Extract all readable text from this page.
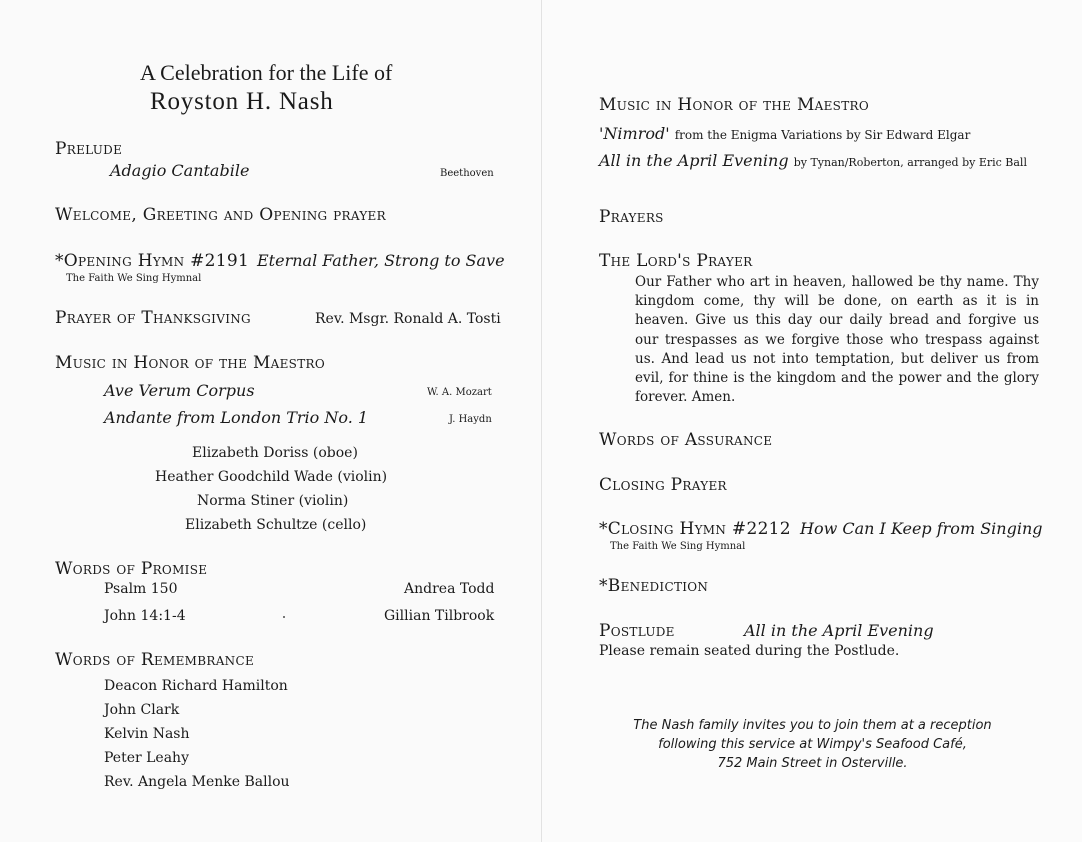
A Celebration for the Life of
Royston H. Nash
Prelude
Adagio Cantabile	Beethoven
Welcome, Greeting and Opening prayer
*Opening Hymn #2191 Eternal Father, Strong to Save
The Faith We Sing Hymnal
Prayer of Thanksgiving	Rev. Msgr. Ronald A. Tosti
Music in Honor of the Maestro
Ave Verum Corpus	W. A. Mozart
Andante from London Trio No. 1	J. Haydn
Elizabeth Doriss (oboe)
Heather Goodchild Wade (violin)
Norma Stiner (violin)
Elizabeth Schultze (cello)
Words of Promise
Psalm 150	Andrea Todd
John 14:1-4	Gillian Tilbrook
Words of Remembrance
Deacon Richard Hamilton
John Clark
Kelvin Nash
Peter Leahy
Rev. Angela Menke Ballou
Music in Honor of the Maestro
'Nimrod' from the Enigma Variations by Sir Edward Elgar
All in the April Evening by Tynan/Roberton, arranged by Eric Ball
Prayers
The Lord's Prayer
Our Father who art in heaven, hallowed be thy name. Thy kingdom come, thy will be done, on earth as it is in heaven. Give us this day our daily bread and forgive us our trespasses as we forgive those who trespass against us. And lead us not into temptation, but deliver us from evil, for thine is the kingdom and the power and the glory forever. Amen.
Words of Assurance
Closing Prayer
*Closing Hymn #2212 How Can I Keep from Singing
The Faith We Sing Hymnal
*Benediction
Postlude	All in the April Evening
Please remain seated during the Postlude.
The Nash family invites you to join them at a reception
following this service at Wimpy's Seafood Café,
752 Main Street in Osterville.
